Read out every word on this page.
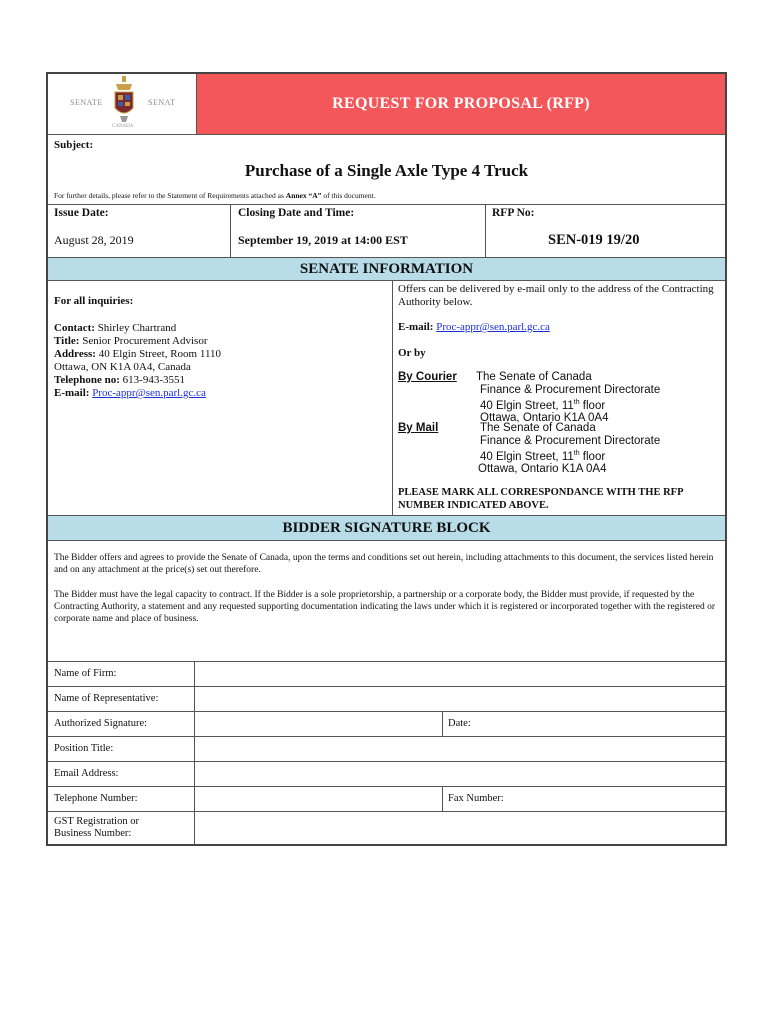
SENATE	SENAT
CANADA
REQUEST FOR PROPOSAL (RFP)
Subject:
Purchase of a Single Axle Type 4 Truck
For further details, please refer to the Statement of Requirements attached as Annex “A” of this document.
Issue Date:
August 28, 2019
Closing Date and Time:
September 19, 2019 at 14:00 EST
RFP No:
SEN-019 19/20
SENATE INFORMATION
For all inquiries:
Contact: Shirley Chartrand
Title: Senior Procurement Advisor
Address: 40 Elgin Street, Room 1110
Ottawa, ON K1A 0A4, Canada
Telephone no: 613-943-3551
E-mail: Proc-appr@sen.parl.gc.ca
Offers can be delivered by e-mail only to the address of the Contracting Authority below.
E-mail: Proc-appr@sen.parl.gc.ca
Or by
By Courier The Senate of Canada
Finance & Procurement Directorate
40 Elgin Street, 11th floor
Ottawa, Ontario K1A 0A4
By Mail	The Senate of Canada
Finance & Procurement Directorate
40 Elgin Street, 11th floor
Ottawa, Ontario K1A 0A4
PLEASE MARK ALL CORRESPONDANCE WITH THE RFP NUMBER INDICATED ABOVE.
BIDDER SIGNATURE BLOCK
The Bidder offers and agrees to provide the Senate of Canada, upon the terms and conditions set out herein, including attachments to this document, the services listed herein and on any attachment at the price(s) set out therefore.
The Bidder must have the legal capacity to contract. If the Bidder is a sole proprietorship, a partnership or a corporate body, the Bidder must provide, if requested by the Contracting Authority, a statement and any requested supporting documentation indicating the laws under which it is registered or incorporated together with the registered or corporate name and place of business.
Name of Firm:
Name of Representative:
Authorized Signature:	Date:
Position Title:
Email Address:
Telephone Number:	Fax Number:
GST Registration or
Business Number:
